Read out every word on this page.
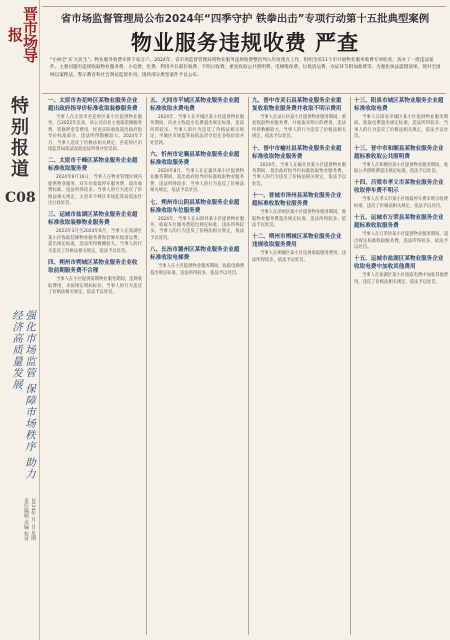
晋市场导报
特别报道
C08
强化市场监管 保障市场秩序 助力经济高质量发展
责任编辑 美编 校对 2024年 月 日 星期
省市场监督管理局公布2024年“四季守护 铁拳出击”专项行动第十五批典型案例
物业服务违规收费 严查
“小病全‘买’大民生”。物业服务收费牵涉千家万户。2024年，省市场监督管理局将物业服务违规收费整治列入年度重点工作，组织全省11个市开展物业服务收费专项检查，查办了一批违法案件。主要问题有违规收取物业服务费、小电费、化费、利用共有部位收费、不明示收费、重复收取公共照明费、电梯维保费、垃圾清运费、办证环节附加收费等。为强化执法震慑效果，现对全国网以案释法、警示教育和社会舆论监督作用，现将部分典型案件予以公布。
一、太原市杏花岭区某物业服务企业超出政府指导价标准收取装修服务费
当事人在太原市杏花岭区某小区提供物业服务，自2022年以来，该公司向业主收取装修服务费、装修押金等费用，经查实际收取超出政府指导价标准部分，违法所得数额较大。2024年7月，当事人违反了价格法相关规定，杏花岭区市场监管局依法没收违法所得并处罚款。
二、太原市千峰区某物业服务企业超标准收取服务费
2024年8月16日，当事人在物业管理区域内提供物业服务，对车位收取停车服务费，超出收费标准，违法所得较多。当事人的行为违反了价格法相关规定，太原市千峰区市场监管局依法作出行政处罚。
三、运城市盐湖区某物业服务企业超标准收取装修物业服务费
2023年3月至2024年6月，当事人在盐湖区某小区收取装修物业服务费和装修垃圾清运费，超出规定标准，违法所得数额较大。当事人的行为违反了价格法相关规定，依法予以处罚。
四、朔州市朔城区某物业服务企业收取前期服务费不合理
当事人在小区提供前期物业服务期间，违规收取费用，未按规定明码标价，当事人的行为违反了价格法相关规定，依法予以处罚。
五、大同市平城区某物业服务企业超标准收取水费电费
2024年，当事人在平城区某小区提供物业服务期间，向业主收取水电费超出规定标准，违法所得较多。当事人的行为违反了价格法相关规定，平城区市场监管局依法责令退还多收价款并处罚款。
六、忻州市定襄县某物业服务企业超标准收取服务费
2024年8月，当事人在定襄县某小区提供物业服务期间，超出政府指导价标准收取物业服务费，违法所得较多，当事人的行为违反了价格法相关规定，依法予以处罚。
七、朔州市山阴县某物业服务企业超标准收取车位服务费
2024年，当事人在山阴县某小区提供物业服务，收取车位服务费超出规定标准，违法所得较多。当事人的行为违反了价格法相关规定，依法予以处罚。
八、长治市潞州区某物业服务企业超标准收取电梯费
当事人在小区提供物业服务期间，收取电梯费超出规定标准，违法所得较多，依法予以处罚。
九、晋中市灵石县某物业服务企业重复收取物业服务费并收取不明示费用
当事人在灵石县某小区提供物业服务期间，重复收取物业服务费，并收取未明示的费用，违法所得数额较大。当事人的行为违反了价格法相关规定，依法予以处罚。
十、晋中市榆社县某物业服务企业超标准收取物业服务费
2024年，当事人在榆社县某小区提供物业服务期间，超出政府指导价标准收取物业服务费。当事人的行为违反了价格法相关规定，依法予以处罚。
十一、晋城市泽州县某物业服务企业超标准收取物业服务费
当事人在泽州县某小区提供物业服务期间，收取物业服务费超出规定标准，违法所得较多。依法予以处罚。
十二、朔州市朔城区某物业服务企业违规收取服务费用
当事人在朔城区某小区违规收取服务费用，违法所得较多，依法予以处罚。
十三、阳泉市城区某物业服务企业超标准收取电费
当事人在阳泉市城区某小区提供物业服务期间，收取电费超出规定标准，违法所得较多，当事人的行为违反了价格法相关规定，依法予以处罚。
十三、晋中市和顺县某物业服务企业超标准收取公共照明费
当事人在和顺县某小区提供物业服务期间，收取公共照明费超出规定标准，依法予以处罚。
十四、吕梁市孝义市某物业服务企业收取停车费不明示
当事人在孝义市某小区收取停车费未明示收费标准，违反了价格法相关规定，依法予以处罚。
十五、运城市万荣县某物业服务企业超标准收取服务费
当事人在万荣县某小区提供物业服务期间，超出规定标准收取服务费，违法所得较多，依法予以处罚。
十五、运城市盐湖区某物业服务企业收取电费中加收其他费用
当事人在盐湖区某小区收取电费中加收其他费用，违反了价格法相关规定，依法予以处罚。
